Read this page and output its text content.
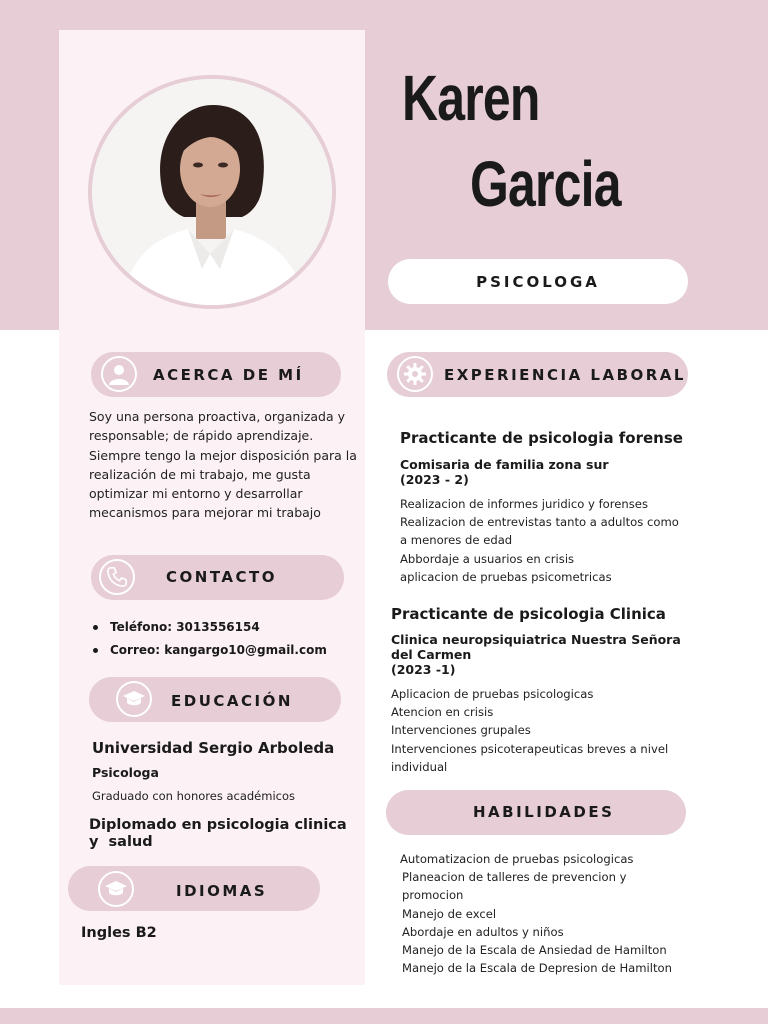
Karen
Garcia
PSICOLOGA
ACERCA DE MÍ
Soy una persona proactiva, organizada y
responsable; de rápido aprendizaje.
Siempre tengo la mejor disposición para la
realización de mi trabajo, me gusta
optimizar mi entorno y desarrollar
mecanismos para mejorar mi trabajo
CONTACTO
Teléfono: 3013556154
Correo: kangargo10@gmail.com
EDUCACIÓN
Universidad Sergio Arboleda
Psicologa
Graduado con honores académicos
Diplomado en psicologia clinica
y  salud
IDIOMAS
Ingles B2
EXPERIENCIA LABORAL
Practicante de psicologia forense
Comisaria de familia zona sur
(2023 - 2)
Realizacion de informes juridico y forenses
Realizacion de entrevistas tanto a adultos como
a menores de edad
Abbordaje a usuarios en crisis
aplicacion de pruebas psicometricas
Practicante de psicologia Clinica
Clinica neuropsiquiatrica Nuestra Señora
del Carmen
(2023 -1)
Aplicacion de pruebas psicologicas
Atencion en crisis
Intervenciones grupales
Intervenciones psicoterapeuticas breves a nivel
individual
HABILIDADES
Automatizacion de pruebas psicologicas
Planeacion de talleres de prevencion y
promocion
Manejo de excel
Abordaje en adultos y niños
Manejo de la Escala de Ansiedad de Hamilton
Manejo de la Escala de Depresion de Hamilton
